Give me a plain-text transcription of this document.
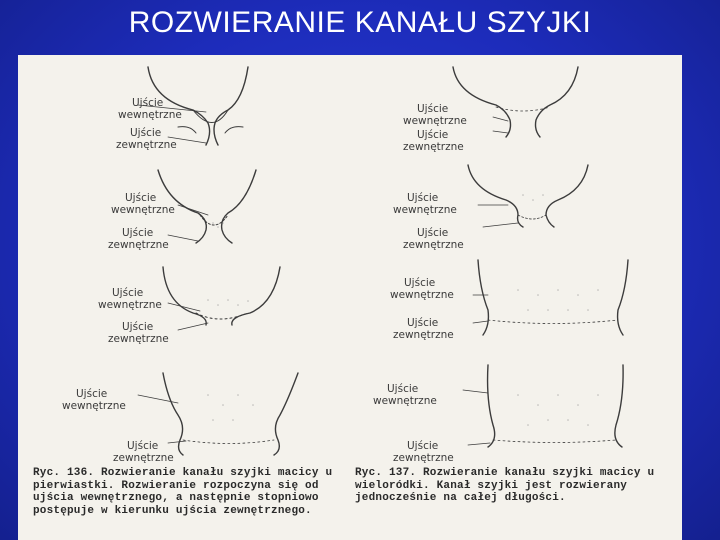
ROZWIERANIE KANAŁU SZYJKI
Ujście
wewnętrzne
Ujście
zewnętrzne
Ujście
wewnętrzne
Ujście
zewnętrzne
Ujście
wewnętrzne
Ujście
zewnętrzne
Ujście
wewnętrzne
Ujście
zewnętrzne
Ujście
wewnętrzne
Ujście
zewnętrzne
Ujście
wewnętrzne
Ujście
zewnętrzne
Ujście
wewnętrzne
Ujście
zewnętrzne
Ujście
wewnętrzne
Ujście
zewnętrzne
Ryc. 136. Rozwieranie kanału szyjki macicy u pierwiastki. Rozwieranie rozpoczyna się od ujścia wewnętrznego, a następnie stopniowo postępuje w kierunku ujścia zewnętrznego.
Ryc. 137. Rozwieranie kanału szyjki macicy u wieloródki. Kanał szyjki jest rozwierany jednocześnie na całej długości.
